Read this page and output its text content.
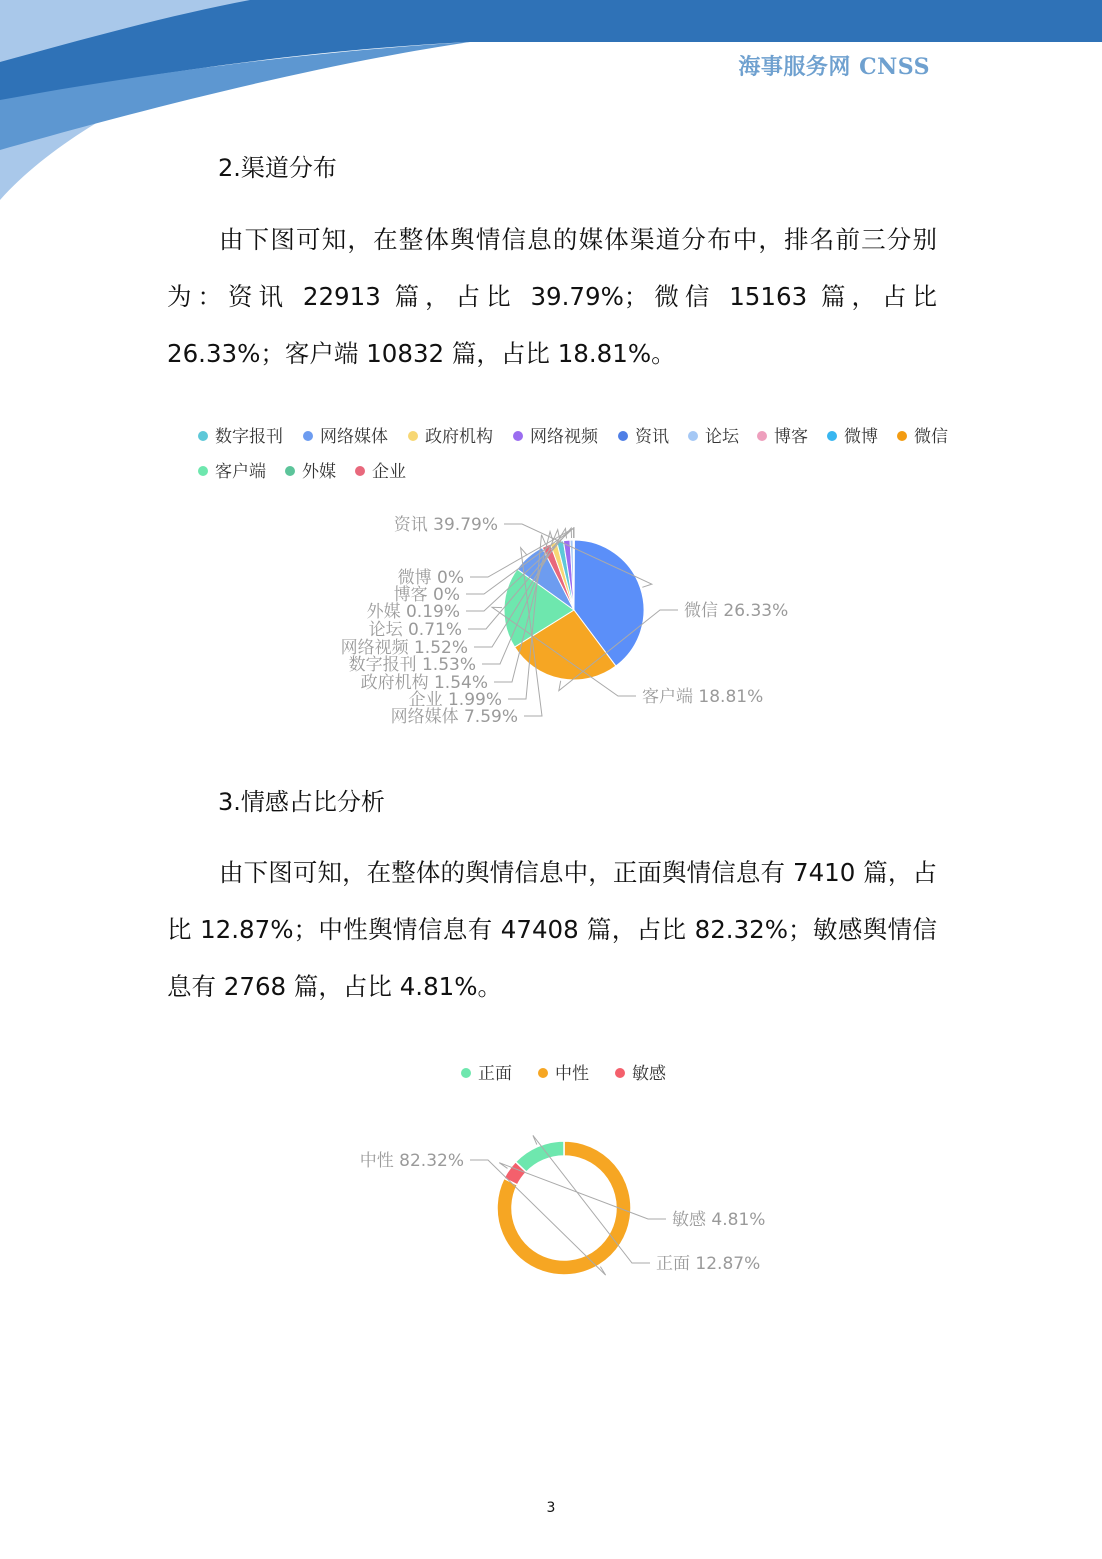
海事服务网 CNSS
2.渠道分布
由下图可知，在整体舆情信息的媒体渠道分布中，排名前三分别为：资讯 22913 篇，占比 39.79%；微信 15163 篇，占比 26.33%；客户端 10832 篇，占比 18.81%。
数字报刊	网络媒体	政府机构	网络视频	资讯	论坛	博客	微博	微信
客户端	外媒	企业
资讯 39.79%
微信 26.33%
客户端 18.81%
网络媒体 7.59%
企业 1.99%
政府机构 1.54%
数字报刊 1.53%
网络视频 1.52%
论坛 0.71%
外媒 0.19%
博客 0%
微博 0%
3.情感占比分析
由下图可知，在整体的舆情信息中，正面舆情信息有 7410 篇，占比 12.87%；中性舆情信息有 47408 篇，占比 82.32%；敏感舆情信息有 2768 篇，占比 4.81%。
正面	中性	敏感
中性 82.32%
敏感 4.81%
正面 12.87%
3
